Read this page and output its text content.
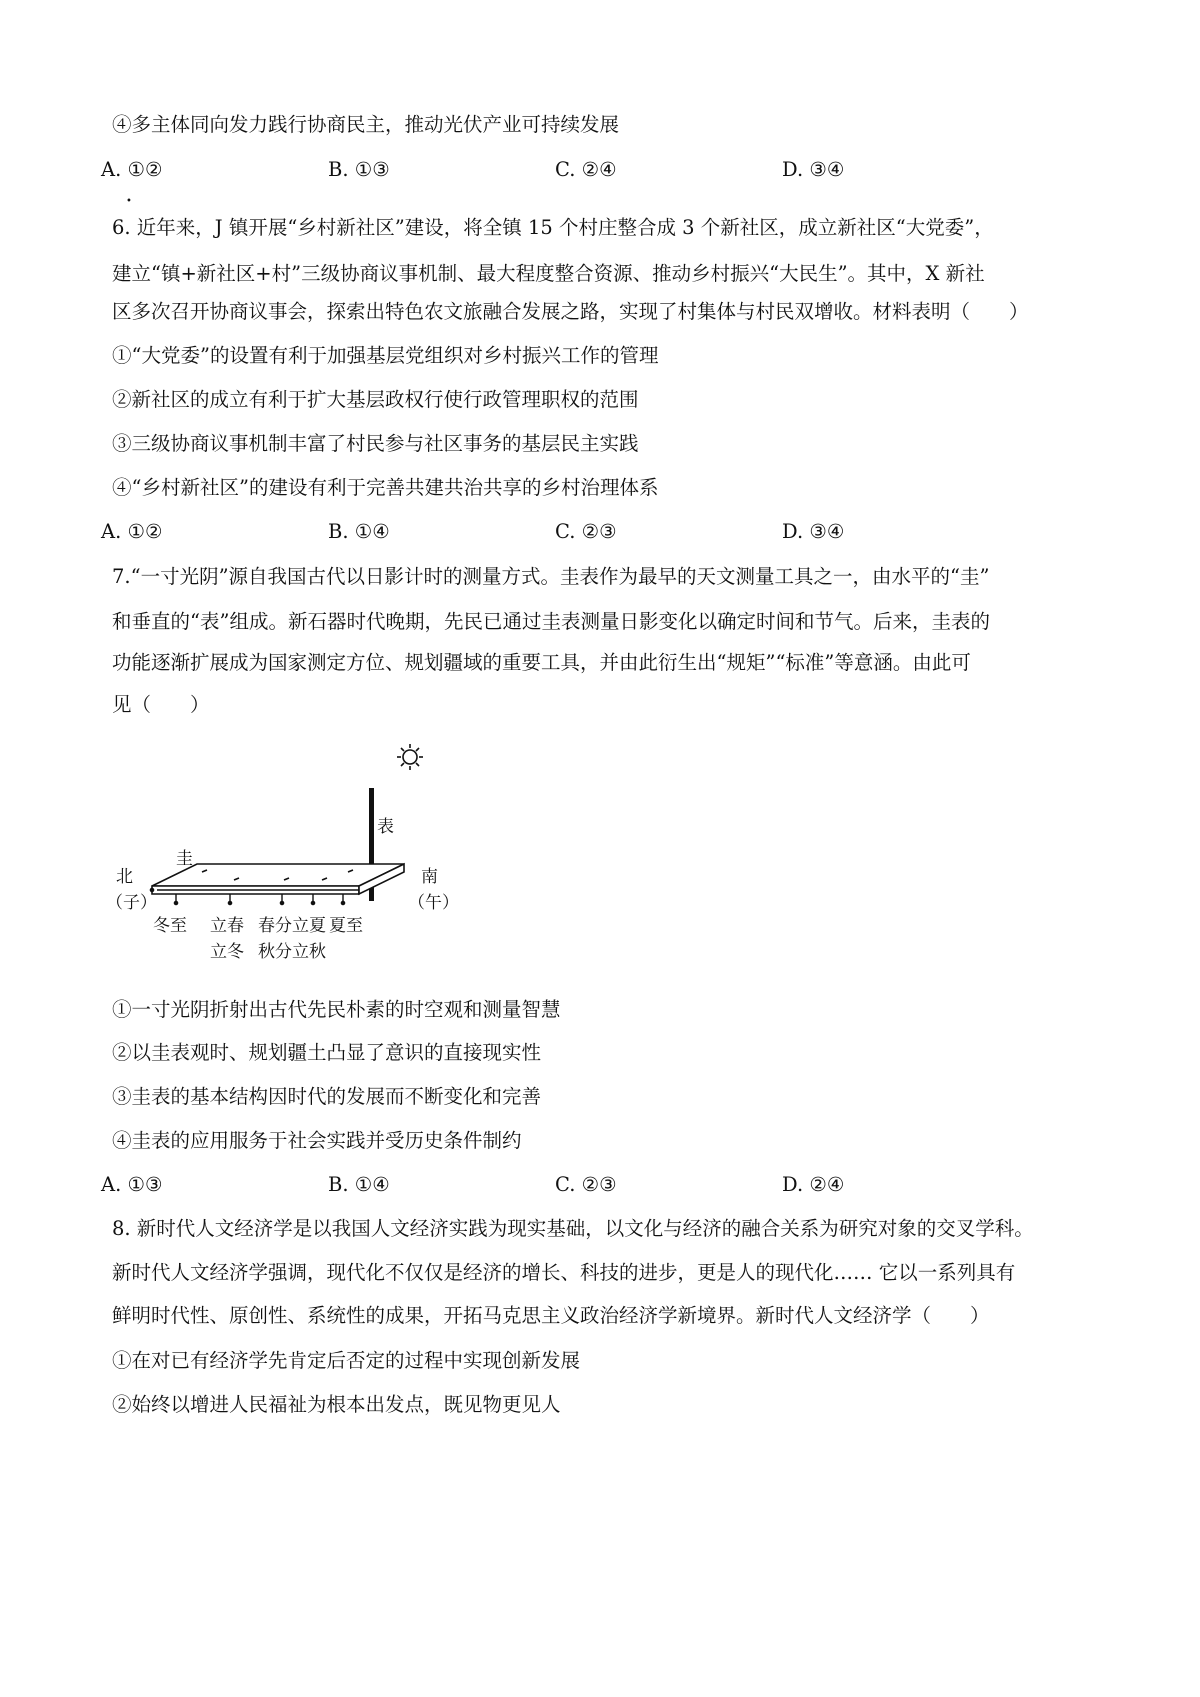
④多主体同向发力践行协商民主，推动光伏产业可持续发展
A. ①②
•
B. ①③	C. ②④	D. ③④
6. 近年来，J 镇开展“乡村新社区”建设，将全镇 15 个村庄整合成 3 个新社区，成立新社区“大党委”，
建立“镇+新社区+村”三级协商议事机制、最大程度整合资源、推动乡村振兴“大民生”。其中，X 新社
区多次召开协商议事会，探索出特色农文旅融合发展之路，实现了村集体与村民双增收。材料表明（　　）
①“大党委”的设置有利于加强基层党组织对乡村振兴工作的管理
②新社区的成立有利于扩大基层政权行使行政管理职权的范围
③三级协商议事机制丰富了村民参与社区事务的基层民主实践
④“乡村新社区”的建设有利于完善共建共治共享的乡村治理体系
A. ①②	B. ①④	C. ②③	D. ③④
7.“一寸光阴”源自我国古代以日影计时的测量方式。圭表作为最早的天文测量工具之一，由水平的“圭”
和垂直的“表”组成。新石器时代晚期，先民已通过圭表测量日影变化以确定时间和节气。后来，圭表的
功能逐渐扩展成为国家测定方位、规划疆域的重要工具，并由此衍生出“规矩”“标准”等意涵。由此可
见（　　）
圭
表
北
（子）
南
（午）
冬至 立春 春分 立夏 夏至
立冬 秋分 立秋
①一寸光阴折射出古代先民朴素的时空观和测量智慧
②以圭表观时、规划疆土凸显了意识的直接现实性
③圭表的基本结构因时代的发展而不断变化和完善
④圭表的应用服务于社会实践并受历史条件制约
A. ①③	B. ①④	C. ②③	D. ②④
8. 新时代人文经济学是以我国人文经济实践为现实基础，以文化与经济的融合关系为研究对象的交叉学科。
新时代人文经济学强调，现代化不仅仅是经济的增长、科技的进步，更是人的现代化…… 它以一系列具有
鲜明时代性、原创性、系统性的成果，开拓马克思主义政治经济学新境界。新时代人文经济学（　　）
①在对已有经济学先肯定后否定的过程中实现创新发展
②始终以增进人民福祉为根本出发点，既见物更见人
